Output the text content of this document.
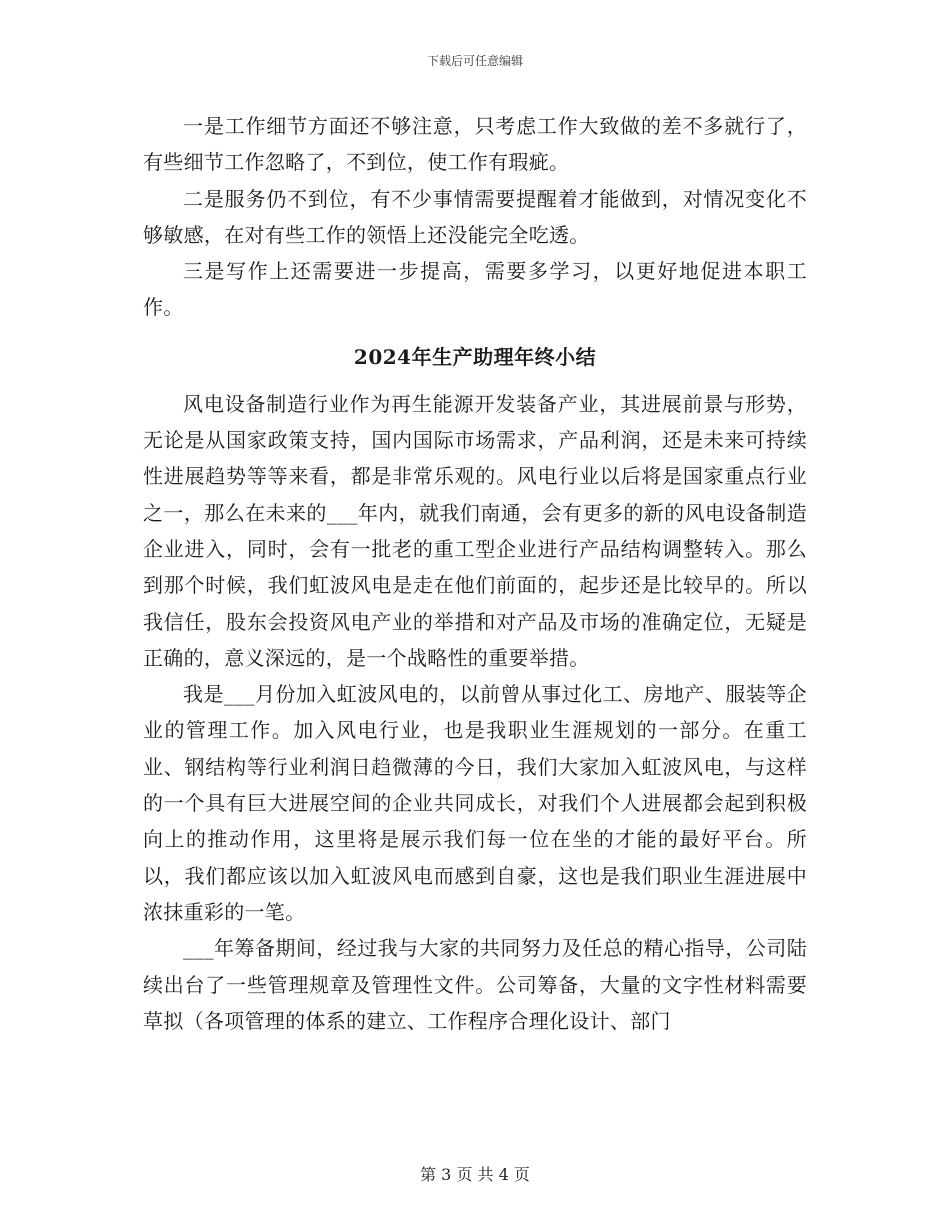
下载后可任意编辑

一是工作细节方面还不够注意，只考虑工作大致做的差不多就行了，有些细节工作忽略了，不到位，使工作有瑕疵。

二是服务仍不到位，有不少事情需要提醒着才能做到，对情况变化不够敏感，在对有些工作的领悟上还没能完全吃透。

三是写作上还需要进一步提高，需要多学习，以更好地促进本职工作。

2024年生产助理年终小结

风电设备制造行业作为再生能源开发装备产业，其进展前景与形势，无论是从国家政策支持，国内国际市场需求，产品利润，还是未来可持续性进展趋势等等来看，都是非常乐观的。风电行业以后将是国家重点行业之一，那么在未来的___年内，就我们南通，会有更多的新的风电设备制造企业进入，同时，会有一批老的重工型企业进行产品结构调整转入。那么到那个时候，我们虹波风电是走在他们前面的，起步还是比较早的。所以我信任，股东会投资风电产业的举措和对产品及市场的准确定位，无疑是正确的，意义深远的，是一个战略性的重要举措。

我是___月份加入虹波风电的，以前曾从事过化工、房地产、服装等企业的管理工作。加入风电行业，也是我职业生涯规划的一部分。在重工业、钢结构等行业利润日趋微薄的今日，我们大家加入虹波风电，与这样的一个具有巨大进展空间的企业共同成长，对我们个人进展都会起到积极向上的推动作用，这里将是展示我们每一位在坐的才能的最好平台。所以，我们都应该以加入虹波风电而感到自豪，这也是我们职业生涯进展中浓抹重彩的一笔。

___年筹备期间，经过我与大家的共同努力及任总的精心指导，公司陆续出台了一些管理规章及管理性文件。公司筹备，大量的文字性材料需要草拟（各项管理的体系的建立、工作程序合理化设计、部门

第 3 页 共 4 页
